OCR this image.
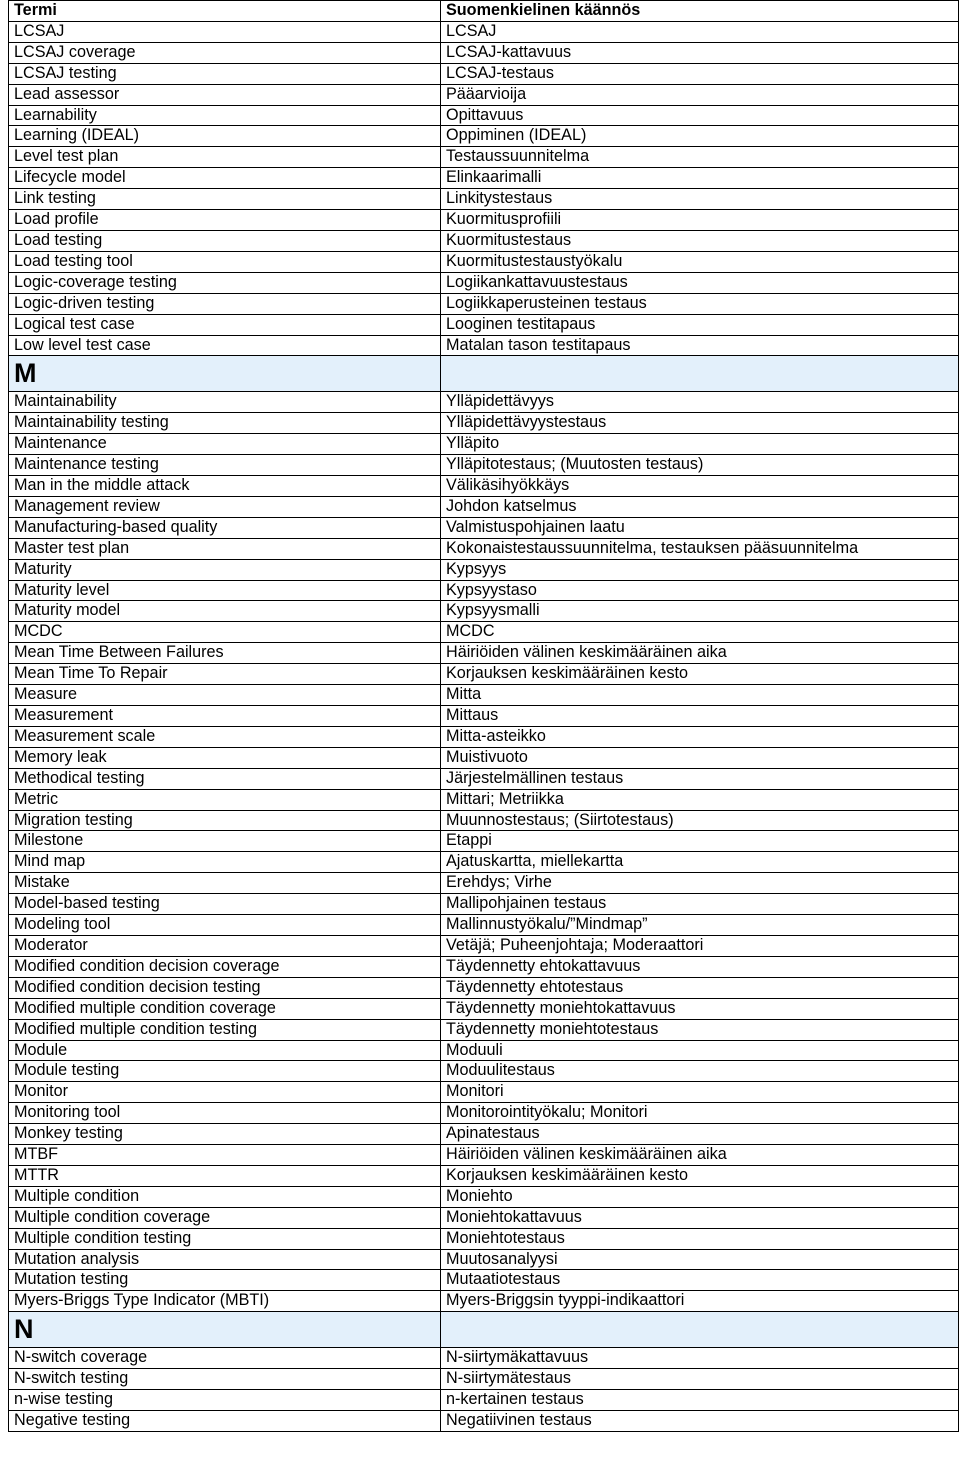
Termi	Suomenkielinen käännös
LCSAJ	LCSAJ
LCSAJ coverage	LCSAJ-kattavuus
LCSAJ testing	LCSAJ-testaus
Lead assessor	Pääarvioija
Learnability	Opittavuus
Learning (IDEAL)	Oppiminen (IDEAL)
Level test plan	Testaussuunnitelma
Lifecycle model	Elinkaarimalli
Link testing	Linkitystestaus
Load profile	Kuormitusprofiili
Load testing	Kuormitustestaus
Load testing tool	Kuormitustestaustyökalu
Logic-coverage testing	Logiikankattavuustestaus
Logic-driven testing	Logiikkaperusteinen testaus
Logical test case	Looginen testitapaus
Low level test case	Matalan tason testitapaus
M	
Maintainability	Ylläpidettävyys
Maintainability testing	Ylläpidettävyystestaus
Maintenance	Ylläpito
Maintenance testing	Ylläpitotestaus; (Muutosten testaus)
Man in the middle attack	Välikäsihyökkäys
Management review	Johdon katselmus
Manufacturing-based quality	Valmistuspohjainen laatu
Master test plan	Kokonaistestaussuunnitelma, testauksen pääsuunnitelma
Maturity	Kypsyys
Maturity level	Kypsyystaso
Maturity model	Kypsyysmalli
MCDC	MCDC
Mean Time Between Failures	Häiriöiden välinen keskimääräinen aika
Mean Time To Repair	Korjauksen keskimääräinen kesto
Measure	Mitta
Measurement	Mittaus
Measurement scale	Mitta-asteikko
Memory leak	Muistivuoto
Methodical testing	Järjestelmällinen testaus
Metric	Mittari; Metriikka
Migration testing	Muunnostestaus; (Siirtotestaus)
Milestone	Etappi
Mind map	Ajatuskartta, miellekartta
Mistake	Erehdys; Virhe
Model-based testing	Mallipohjainen testaus
Modeling tool	Mallinnustyökalu/”Mindmap”
Moderator	Vetäjä; Puheenjohtaja; Moderaattori
Modified condition decision coverage	Täydennetty ehtokattavuus
Modified condition decision testing	Täydennetty ehtotestaus
Modified multiple condition coverage	Täydennetty moniehtokattavuus
Modified multiple condition testing	Täydennetty moniehtotestaus
Module	Moduuli
Module testing	Moduulitestaus
Monitor	Monitori
Monitoring tool	Monitorointityökalu; Monitori
Monkey testing	Apinatestaus
MTBF	Häiriöiden välinen keskimääräinen aika
MTTR	Korjauksen keskimääräinen kesto
Multiple condition	Moniehto
Multiple condition coverage	Moniehtokattavuus
Multiple condition testing	Moniehtotestaus
Mutation analysis	Muutosanalyysi
Mutation testing	Mutaatiotestaus
Myers-Briggs Type Indicator (MBTI)	Myers-Briggsin tyyppi-indikaattori
N	
N-switch coverage	N-siirtymäkattavuus
N-switch testing	N-siirtymätestaus
n-wise testing	n-kertainen testaus
Negative testing	Negatiivinen testaus
